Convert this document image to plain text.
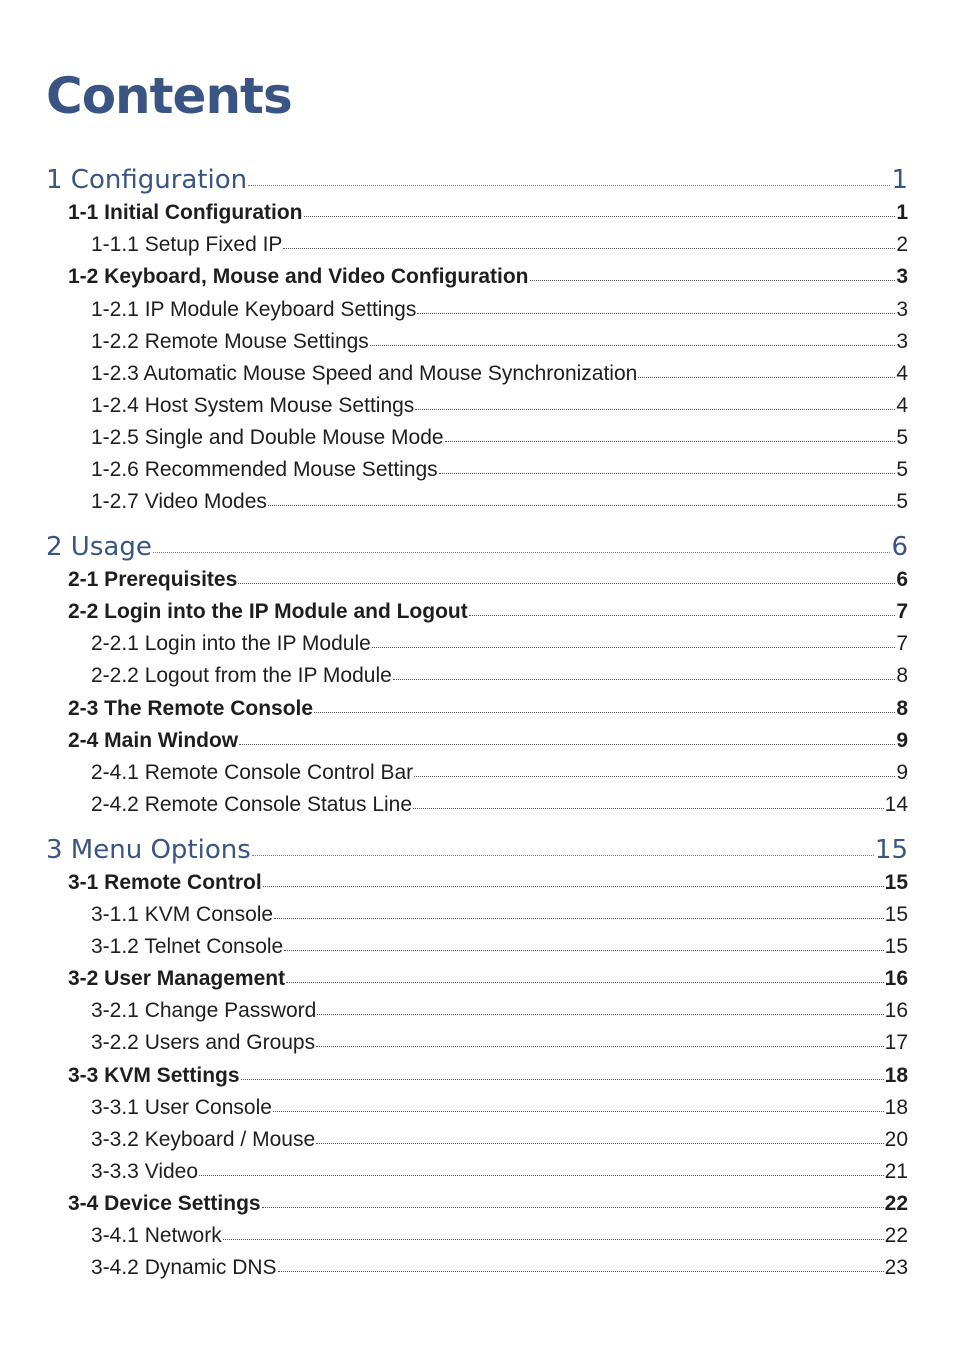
Contents
1 Configuration	1
1-1 Initial Configuration	1
1-1.1 Setup Fixed IP	2
1-2 Keyboard, Mouse and Video Configuration	3
1-2.1 IP Module Keyboard Settings	3
1-2.2 Remote Mouse Settings	3
1-2.3 Automatic Mouse Speed and Mouse Synchronization	4
1-2.4 Host System Mouse Settings	4
1-2.5 Single and Double Mouse Mode	5
1-2.6 Recommended Mouse Settings	5
1-2.7 Video Modes	5
2 Usage	6
2-1 Prerequisites	6
2-2 Login into the IP Module and Logout	7
2-2.1 Login into the IP Module	7
2-2.2 Logout from the IP Module	8
2-3 The Remote Console	8
2-4 Main Window	9
2-4.1 Remote Console Control Bar	9
2-4.2 Remote Console Status Line	14
3 Menu Options	15
3-1 Remote Control	15
3-1.1 KVM Console	15
3-1.2 Telnet Console	15
3-2 User Management	16
3-2.1 Change Password	16
3-2.2 Users and Groups	17
3-3 KVM Settings	18
3-3.1 User Console	18
3-3.2 Keyboard / Mouse	20
3-3.3 Video	21
3-4 Device Settings	22
3-4.1 Network	22
3-4.2 Dynamic DNS	23
